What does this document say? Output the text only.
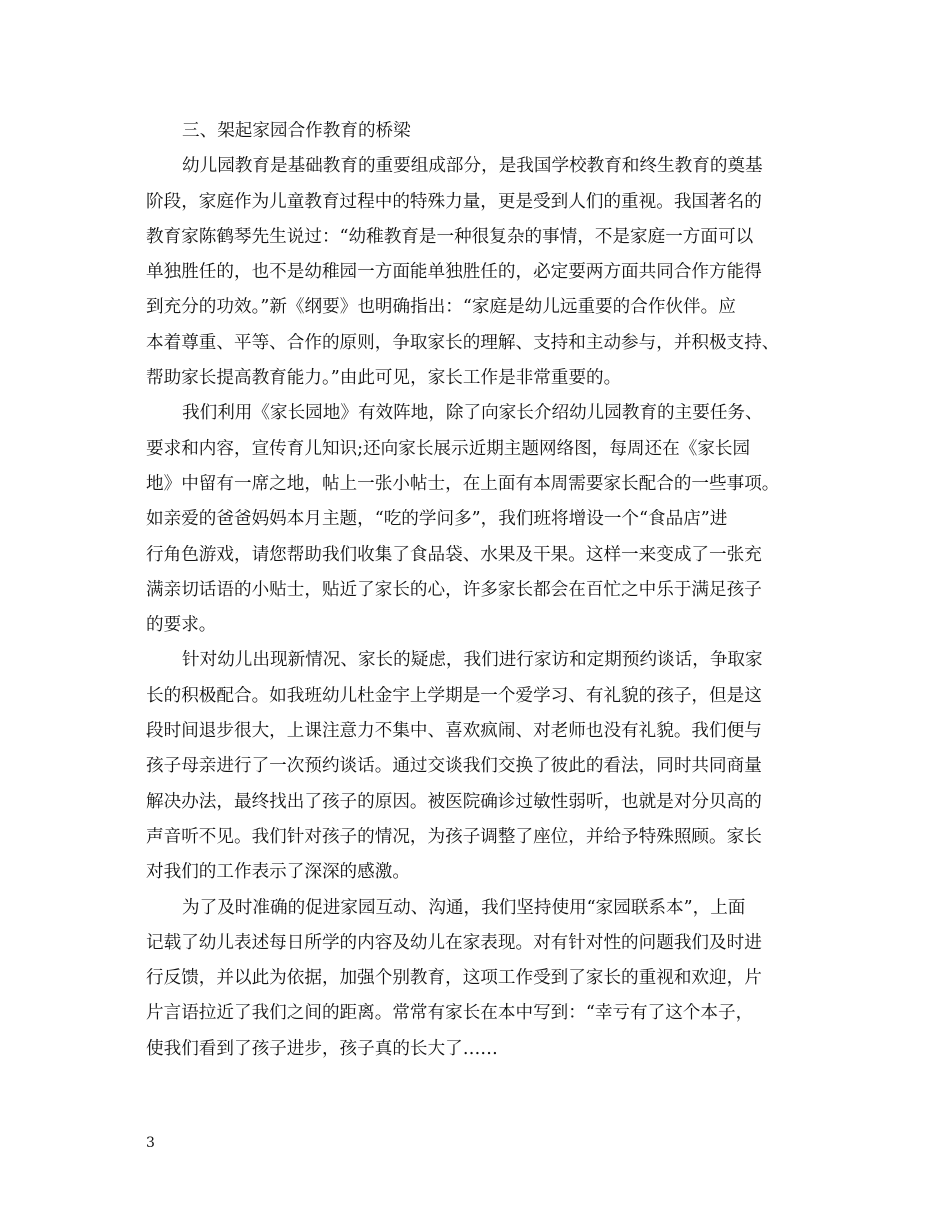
三、架起家园合作教育的桥梁
幼儿园教育是基础教育的重要组成部分，是我国学校教育和终生教育的奠基
阶段，家庭作为儿童教育过程中的特殊力量，更是受到人们的重视。我国著名的
教育家陈鹤琴先生说过：“幼稚教育是一种很复杂的事情，不是家庭一方面可以
单独胜任的，也不是幼稚园一方面能单独胜任的，必定要两方面共同合作方能得
到充分的功效。”新《纲要》也明确指出：“家庭是幼儿远重要的合作伙伴。应
本着尊重、平等、合作的原则，争取家长的理解、支持和主动参与，并积极支持、
帮助家长提高教育能力。”由此可见，家长工作是非常重要的。
我们利用《家长园地》有效阵地，除了向家长介绍幼儿园教育的主要任务、
要求和内容，宣传育儿知识;还向家长展示近期主题网络图，每周还在《家长园
地》中留有一席之地，帖上一张小帖士，在上面有本周需要家长配合的一些事项。
如亲爱的爸爸妈妈本月主题，“吃的学问多”，我们班将增设一个“食品店”进
行角色游戏，请您帮助我们收集了食品袋、水果及干果。这样一来变成了一张充
满亲切话语的小贴士，贴近了家长的心，许多家长都会在百忙之中乐于满足孩子
的要求。
针对幼儿出现新情况、家长的疑虑，我们进行家访和定期预约谈话，争取家
长的积极配合。如我班幼儿杜金宇上学期是一个爱学习、有礼貌的孩子，但是这
段时间退步很大，上课注意力不集中、喜欢疯闹、对老师也没有礼貌。我们便与
孩子母亲进行了一次预约谈话。通过交谈我们交换了彼此的看法，同时共同商量
解决办法，最终找出了孩子的原因。被医院确诊过敏性弱听，也就是对分贝高的
声音听不见。我们针对孩子的情况，为孩子调整了座位，并给予特殊照顾。家长
对我们的工作表示了深深的感激。
为了及时准确的促进家园互动、沟通，我们坚持使用“家园联系本”，上面
记载了幼儿表述每日所学的内容及幼儿在家表现。对有针对性的问题我们及时进
行反馈，并以此为依据，加强个别教育，这项工作受到了家长的重视和欢迎，片
片言语拉近了我们之间的距离。常常有家长在本中写到：“幸亏有了这个本子，
使我们看到了孩子进步，孩子真的长大了……
3
